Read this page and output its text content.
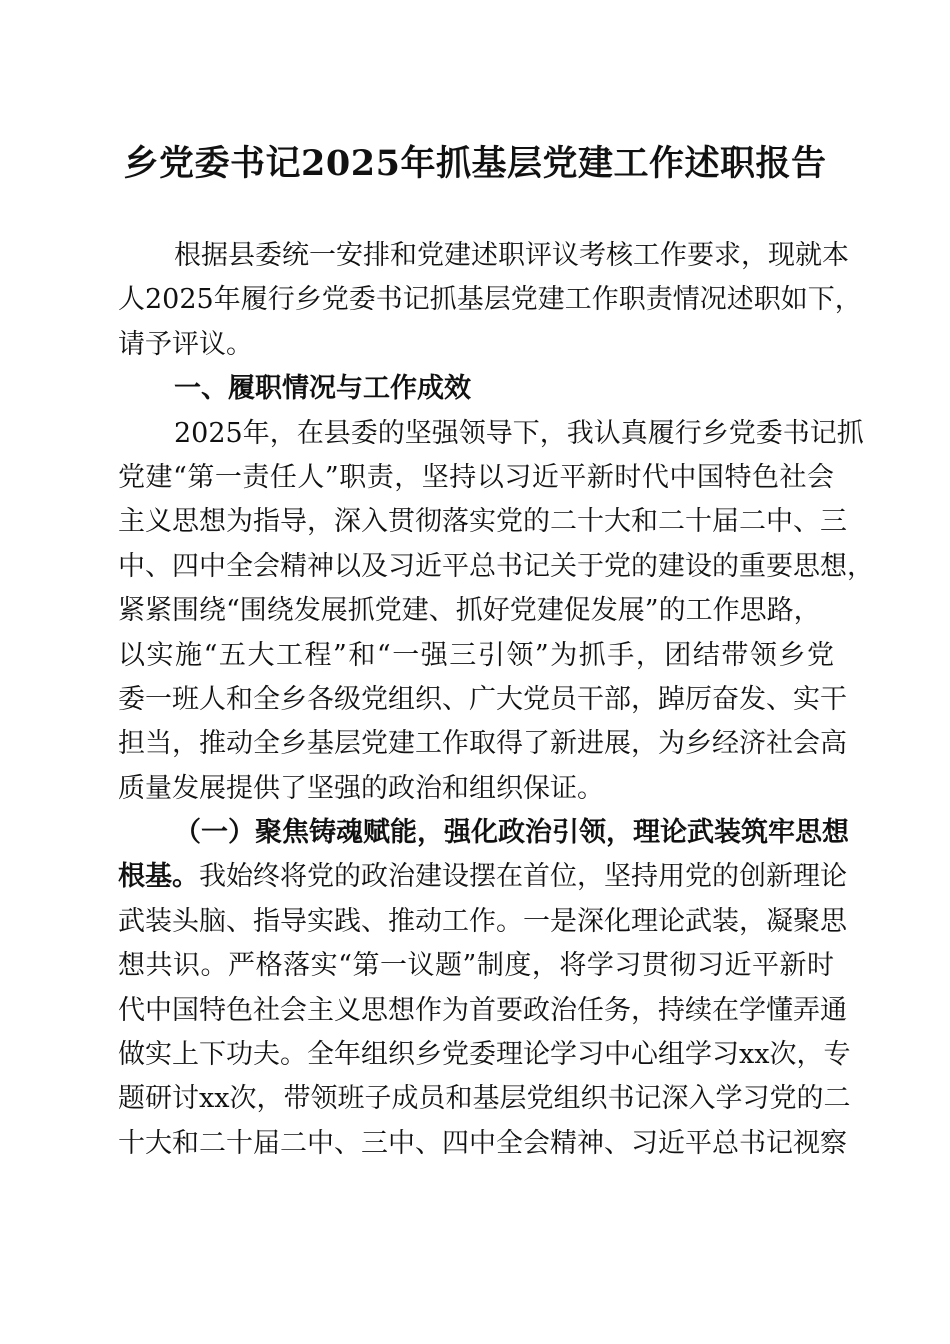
乡党委书记2025年抓基层党建工作述职报告
根据县委统一安排和党建述职评议考核工作要求，现就本
人2025年履行乡党委书记抓基层党建工作职责情况述职如下，
请予评议。
一、履职情况与工作成效
2025年，在县委的坚强领导下，我认真履行乡党委书记抓
党建“第一责任人”职责，坚持以习近平新时代中国特色社会
主义思想为指导，深入贯彻落实党的二十大和二十届二中、三
中、四中全会精神以及习近平总书记关于党的建设的重要思想，
紧紧围绕“围绕发展抓党建、抓好党建促发展”的工作思路，
以实施“五大工程”和“一强三引领”为抓手，团结带领乡党
委一班人和全乡各级党组织、广大党员干部，踔厉奋发、实干
担当，推动全乡基层党建工作取得了新进展，为乡经济社会高
质量发展提供了坚强的政治和组织保证。
（一）聚焦铸魂赋能，强化政治引领，理论武装筑牢思想
根基。我始终将党的政治建设摆在首位，坚持用党的创新理论
武装头脑、指导实践、推动工作。一是深化理论武装，凝聚思
想共识。严格落实“第一议题”制度，将学习贯彻习近平新时
代中国特色社会主义思想作为首要政治任务，持续在学懂弄通
做实上下功夫。全年组织乡党委理论学习中心组学习xx次，专
题研讨xx次，带领班子成员和基层党组织书记深入学习党的二
十大和二十届二中、三中、四中全会精神、习近平总书记视察
